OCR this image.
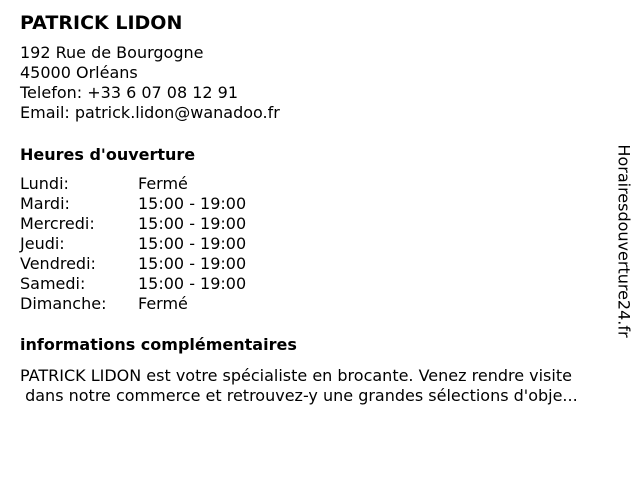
PATRICK LIDON
192 Rue de Bourgogne
45000 Orléans
Telefon: +33 6 07 08 12 91
Email: patrick.lidon@wanadoo.fr
Heures d'ouverture
Lundi:	Fermé
Mardi:	15:00 - 19:00
Mercredi:	15:00 - 19:00
Jeudi:	15:00 - 19:00
Vendredi:	15:00 - 19:00
Samedi:	15:00 - 19:00
Dimanche:	Fermé
informations complémentaires
PATRICK LIDON est votre spécialiste en brocante. Venez rendre visite
dans notre commerce et retrouvez-y une grandes sélections d'obje...
Horairesdouverture24.fr
